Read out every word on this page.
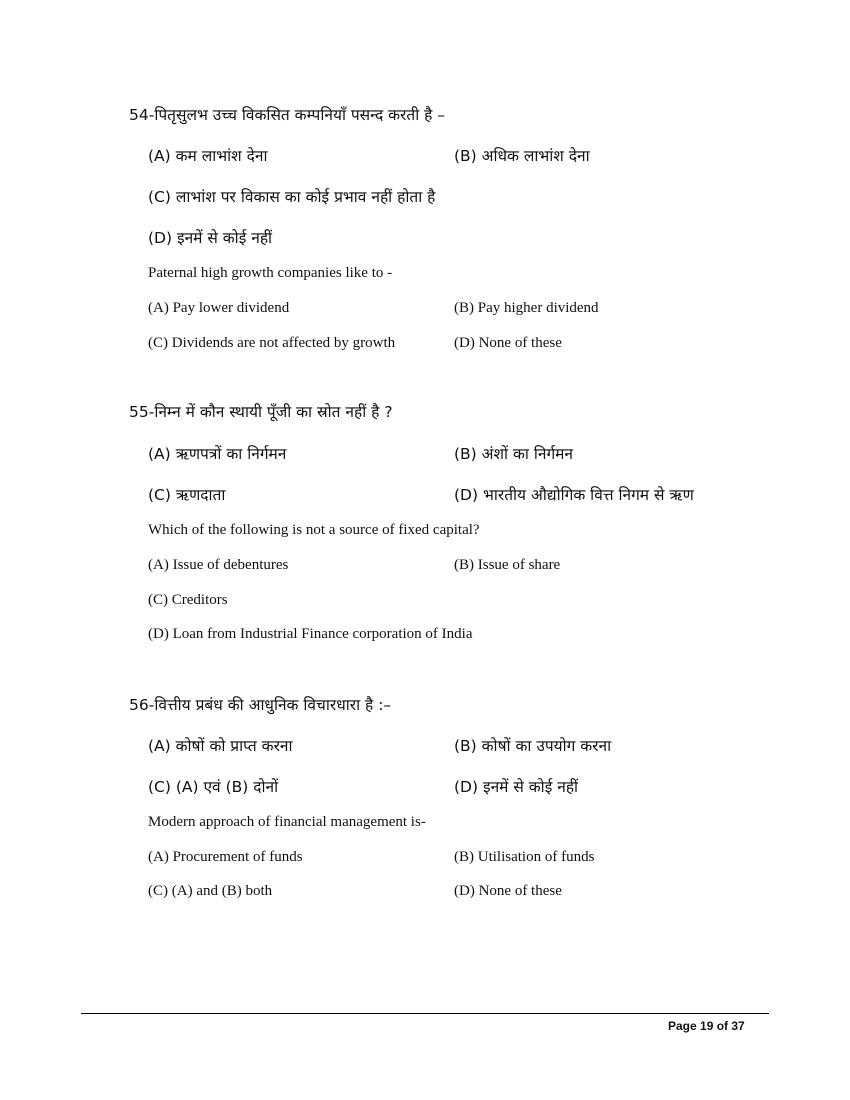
54-पितृसुलभ उच्च विकसित कम्पनियाँ पसन्द करती है –
(A) कम लाभांश देना	(B) अधिक लाभांश देना
(C) लाभांश पर विकास का कोई प्रभाव नहीं होता है
(D) इनमें से कोई नहीं
Paternal high growth companies like to -
(A) Pay lower dividend	(B) Pay higher dividend
(C) Dividends are not affected by growth	(D) None of these
55-निम्न में कौन स्थायी पूँजी का स्रोत नहीं है ?
(A) ऋणपत्रों का निर्गमन	(B) अंशों का निर्गमन
(C) ऋणदाता	(D) भारतीय औद्योगिक वित्त निगम से ऋण
Which of the following is not a source of fixed capital?
(A) Issue of debentures	(B) Issue of share
(C) Creditors
(D) Loan from Industrial Finance corporation of India
56-वित्तीय प्रबंध की आधुनिक विचारधारा है :–
(A) कोषों को प्राप्त करना	(B) कोषों का उपयोग करना
(C) (A) एवं (B) दोनों	(D) इनमें से कोई नहीं
Modern approach of financial management is-
(A) Procurement of funds	(B) Utilisation of funds
(C) (A) and (B) both	(D) None of these
Page 19 of 37
